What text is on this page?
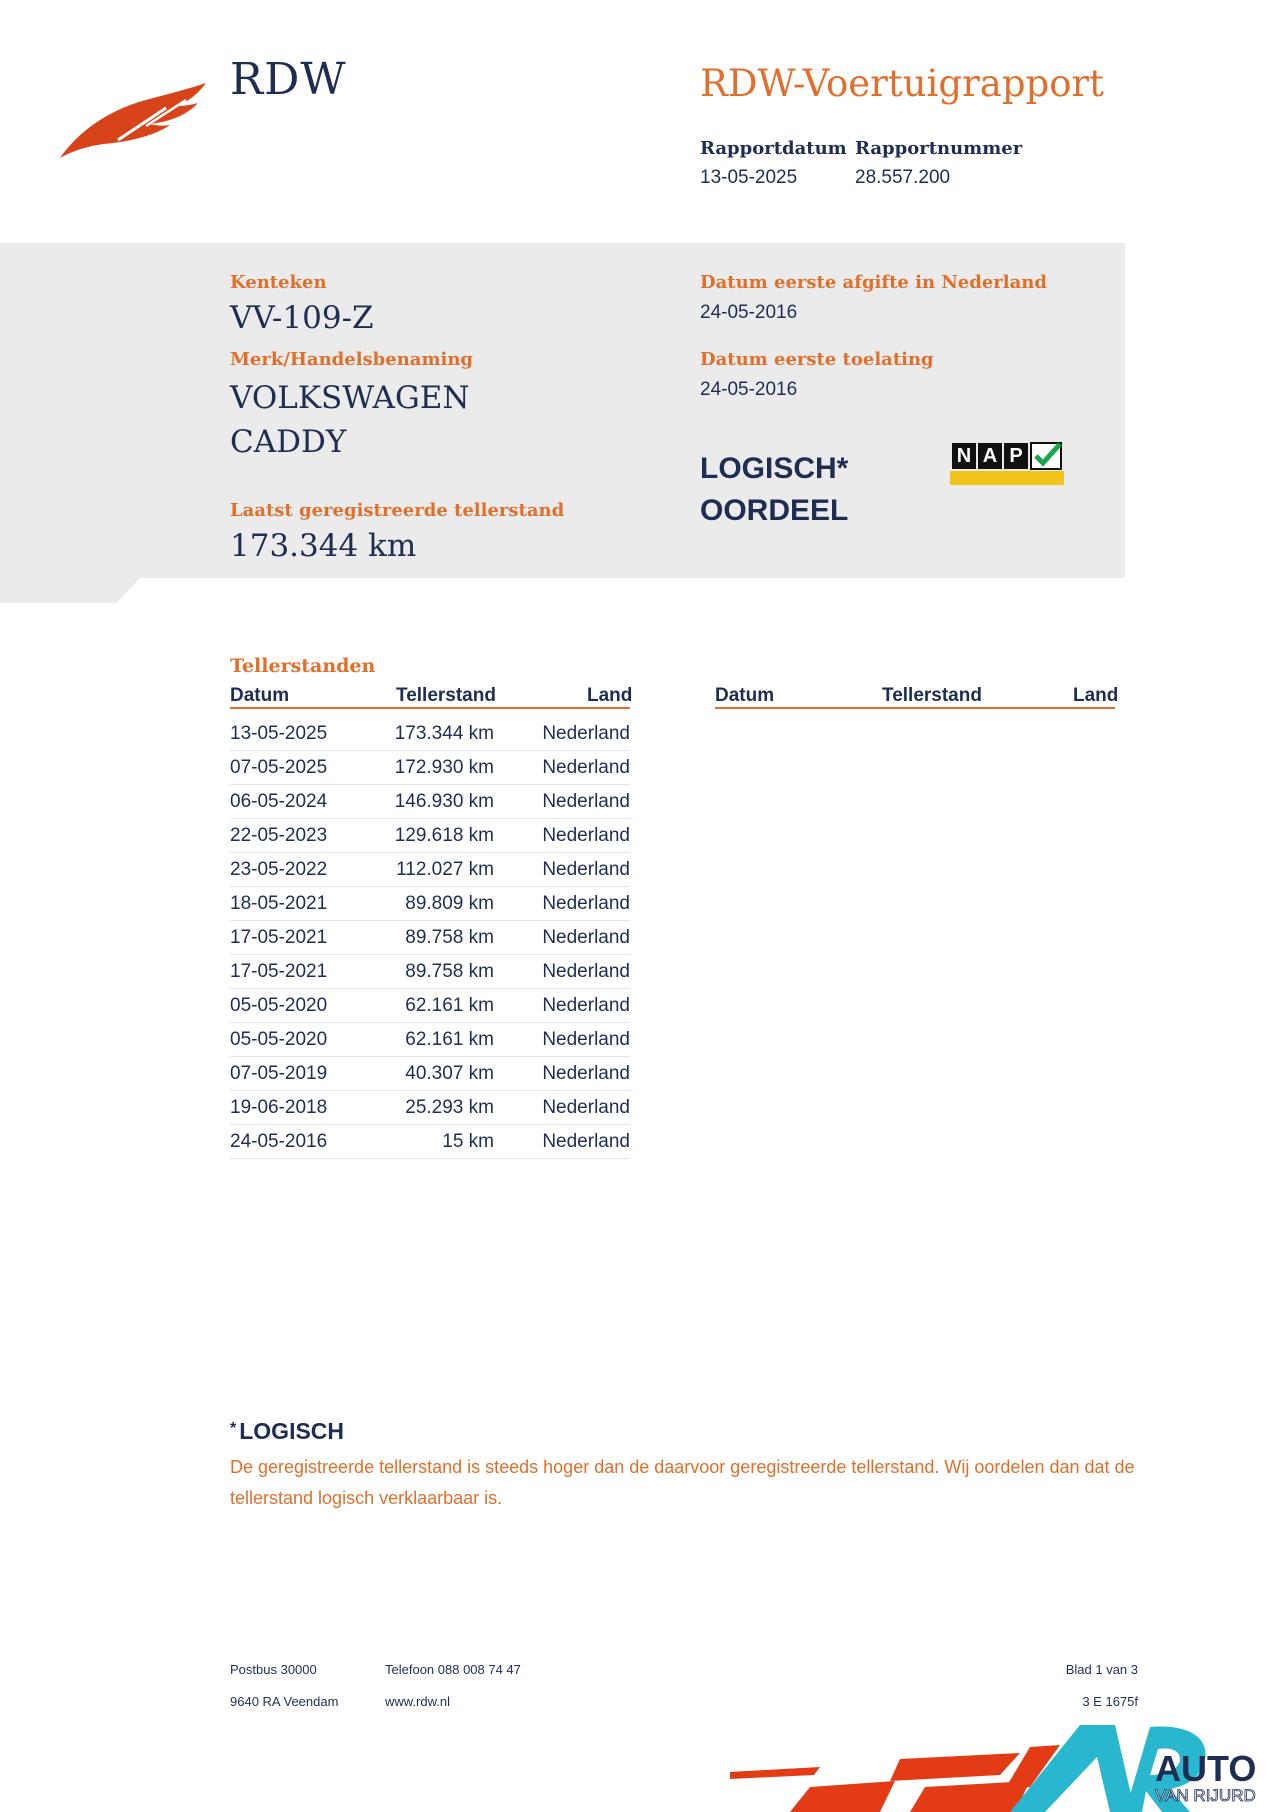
RDW	RDW-Voertuigrapport
Rapportdatum
13-05-2025
Rapportnummer
28.557.200
Kenteken
VV-109-Z
Merk/Handelsbenaming
VOLKSWAGEN
CADDY
Laatst geregistreerde tellerstand
173.344 km
Datum eerste afgifte in Nederland
24-05-2016
Datum eerste toelating
24-05-2016
LOGISCH*
OORDEEL
N A P
Tellerstanden
Datum	Tellerstand	Land	Datum	Tellerstand	Land
13-05-2025	173.344 km	Nederland
07-05-2025	172.930 km	Nederland
06-05-2024	146.930 km	Nederland
22-05-2023	129.618 km	Nederland
23-05-2022	112.027 km	Nederland
18-05-2021	89.809 km	Nederland
17-05-2021	89.758 km	Nederland
17-05-2021	89.758 km	Nederland
05-05-2020	62.161 km	Nederland
05-05-2020	62.161 km	Nederland
07-05-2019	40.307 km	Nederland
19-06-2018	25.293 km	Nederland
24-05-2016	15 km	Nederland
* LOGISCH
De geregistreerde tellerstand is steeds hoger dan de daarvoor geregistreerde tellerstand. Wij oordelen dan dat de tellerstand logisch verklaarbaar is.
Postbus 30000
9640 RA Veendam
Telefoon 088 008 74 47
www.rdw.nl
Blad 1 van 3
3 E 1675f
AUTO
VAN RIJURD
